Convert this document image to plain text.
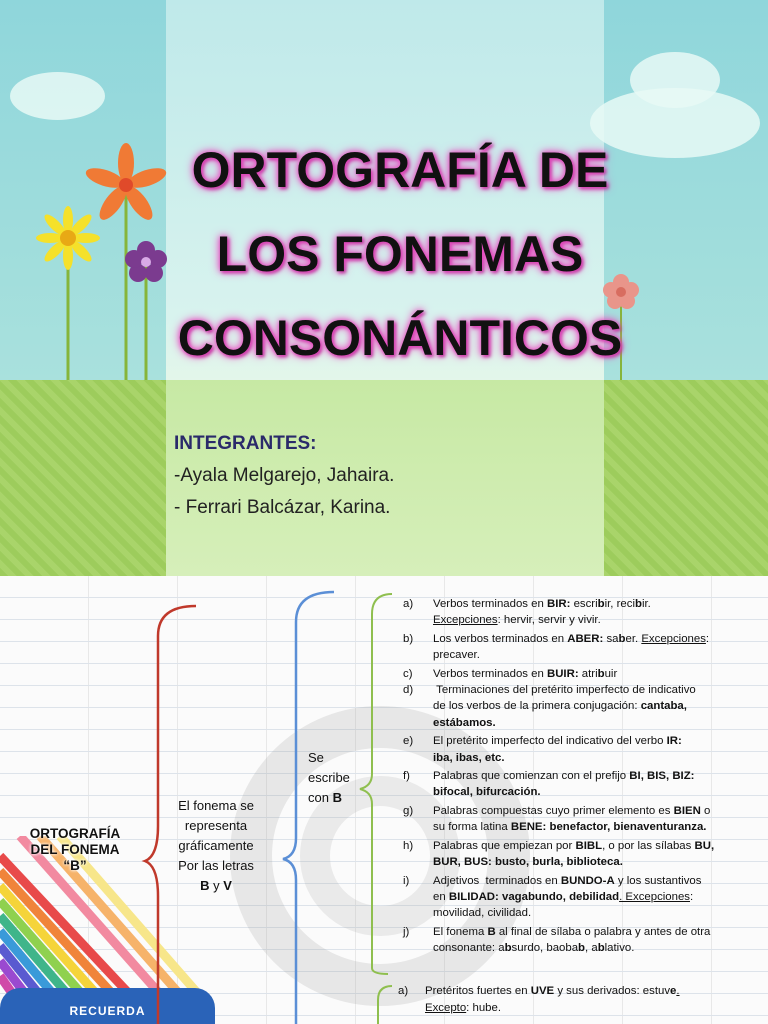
ORTOGRAFÍA DE
LOS FONEMAS
CONSONÁNTICOS
INTEGRANTES:
-Ayala Melgarejo, Jahaira.
- Ferrari Balcázar, Karina.
RECUERDA
ORTOGRAFÍA
DEL FONEMA
“B”
El fonema se
representa
gráficamente
Por las letras
B y V
Se
escribe
con B
a) Verbos terminados en BIR: escribir, recibir.
Excepciones: hervir, servir y vivir.
b) Los verbos terminados en ABER: saber. Excepciones:
precaver.
c) Verbos terminados en BUIR: atribuir
d) Terminaciones del pretérito imperfecto de indicativo
de los verbos de la primera conjugación: cantaba,
estábamos.
e) El pretérito imperfecto del indicativo del verbo IR:
iba, ibas, etc.
f) Palabras que comienzan con el prefijo BI, BIS, BIZ:
bifocal, bifurcación.
g) Palabras compuestas cuyo primer elemento es BIEN o
su forma latina BENE: benefactor, bienaventuranza.
h) Palabras que empiezan por BIBL, o por las sílabas BU,
BUR, BUS: busto, burla, biblioteca.
i) Adjetivos  terminados en BUNDO-A y los sustantivos
en BILIDAD: vagabundo, debilidad. Excepciones:
movilidad, civilidad.
j) El fonema B al final de sílaba o palabra y antes de otra
consonante: absurdo, baobab, ablativo.
a) Pretéritos fuertes en UVE y sus derivados: estuve.
Excepto: hube.
